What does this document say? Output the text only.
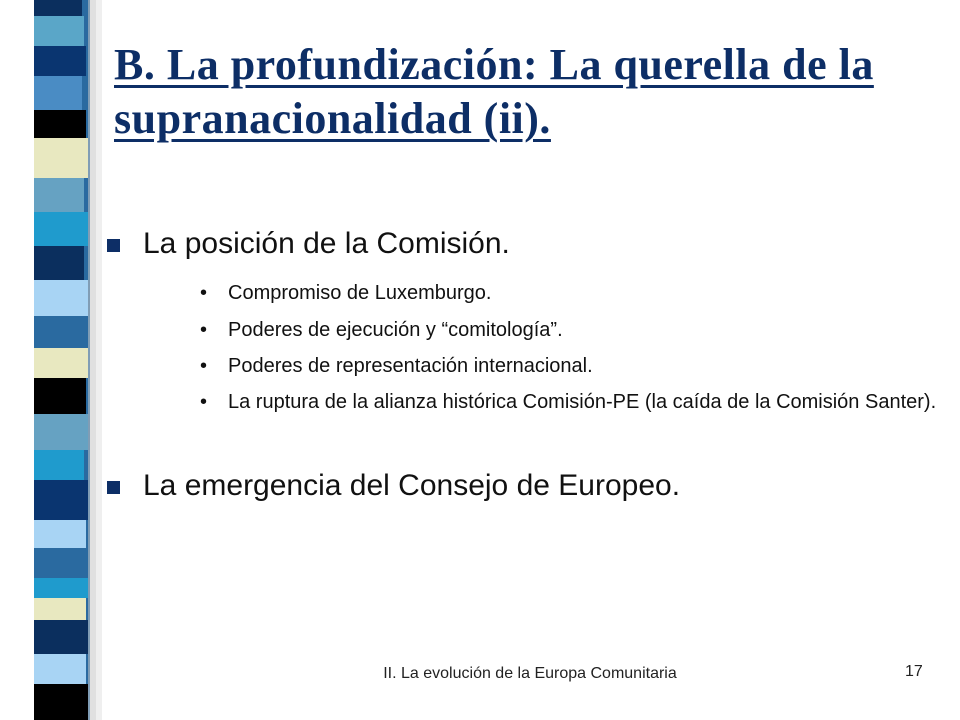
B. La profundización: La querella de la supranacionalidad (ii).
La posición de la Comisión.
• Compromiso de Luxemburgo.
• Poderes de ejecución y “comitología”.
• Poderes de representación internacional.
• La ruptura de la alianza histórica Comisión-PE (la caída de la Comisión Santer).
La emergencia del Consejo de Europeo.
II. La evolución de la Europa Comunitaria	17
